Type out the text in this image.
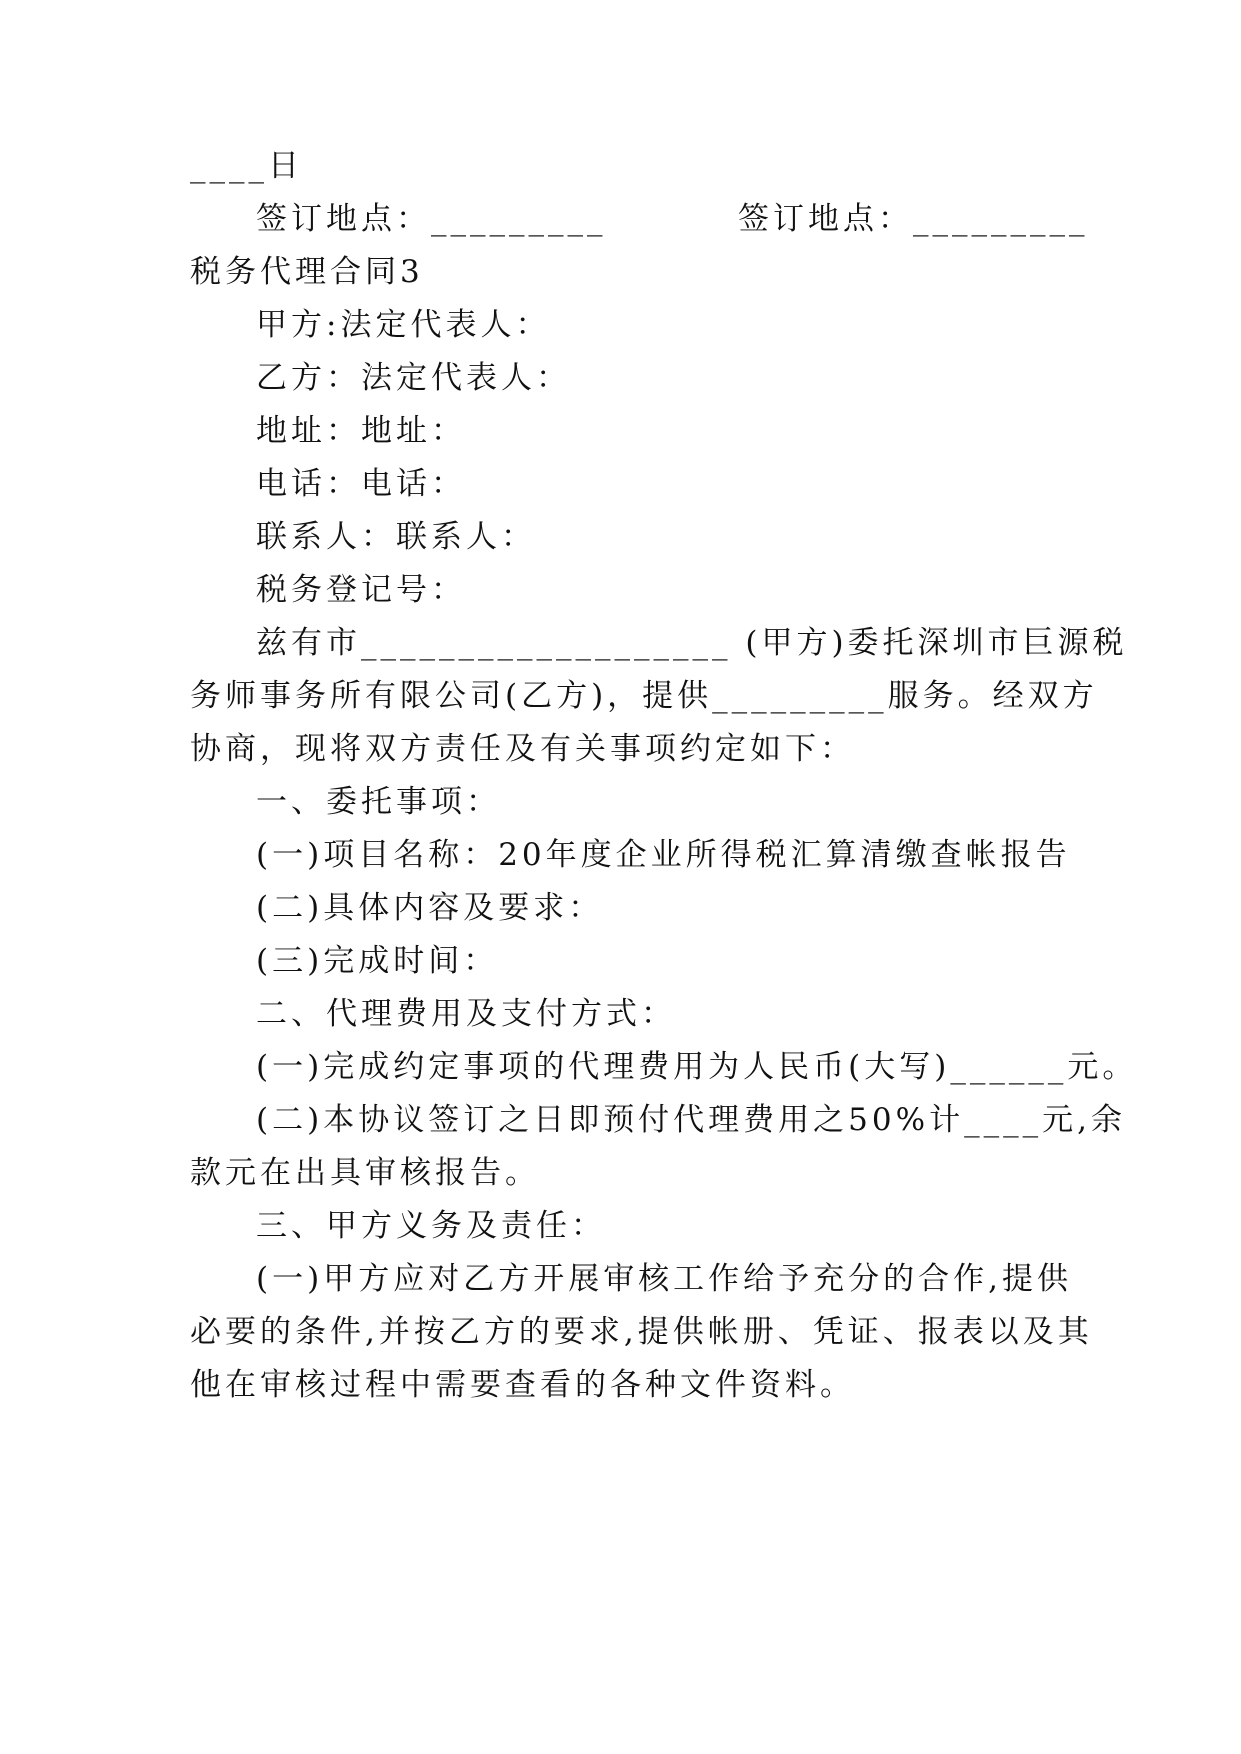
____日
签订地点：_________	签订地点：_________
税务代理合同3
甲方:法定代表人：
乙方：法定代表人：
地址：地址：
电话：电话：
联系人：联系人：
税务登记号：
兹有市___________________ (甲方)委托深圳市巨源税
务师事务所有限公司(乙方)，提供_________服务。经双方
协商，现将双方责任及有关事项约定如下：
一、委托事项：
(一)项目名称：20年度企业所得税汇算清缴查帐报告
(二)具体内容及要求：
(三)完成时间：
二、代理费用及支付方式：
(一)完成约定事项的代理费用为人民币(大写)______元。
(二)本协议签订之日即预付代理费用之50%计____元,余
款元在出具审核报告。
三、甲方义务及责任：
(一)甲方应对乙方开展审核工作给予充分的合作,提供
必要的条件,并按乙方的要求,提供帐册、凭证、报表以及其
他在审核过程中需要查看的各种文件资料。
